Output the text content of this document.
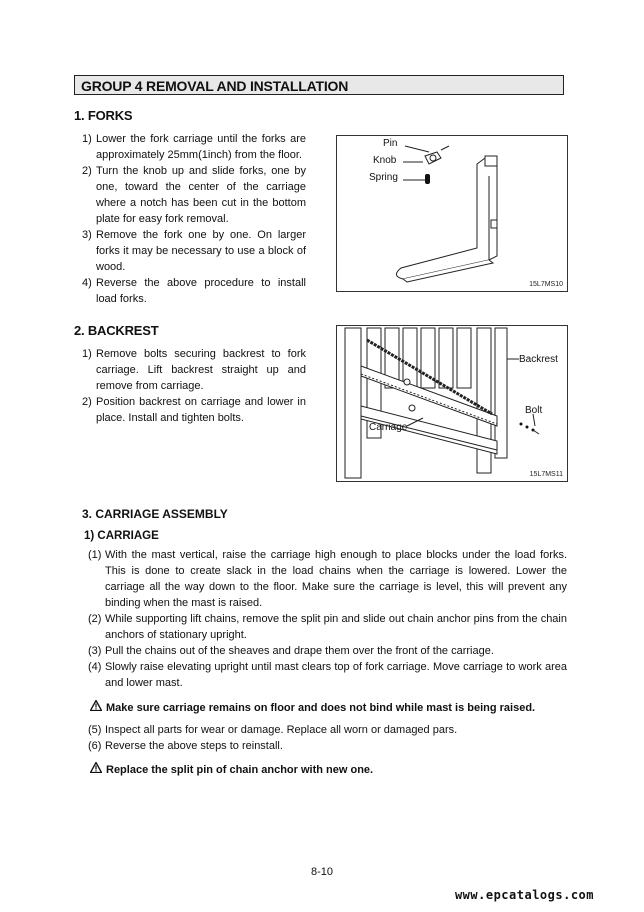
GROUP 4 REMOVAL AND INSTALLATION
1. FORKS
1) Lower the fork carriage until the forks are approximately 25mm(1inch) from the floor.
2) Turn the knob up and slide forks, one by one, toward the center of the carriage where a notch has been cut in the bottom plate for easy fork removal.
3) Remove the fork one by one. On larger forks it may be necessary to use a block of wood.
4) Reverse the above procedure to install load forks.
Pin
Knob
Spring
15L7MS10
2. BACKREST
1) Remove bolts securing backrest to fork carriage. Lift backrest straight up and remove from carriage.
2) Position backrest on carriage and lower in place. Install and tighten bolts.
Backrest
Bolt
Carriage
15L7MS11
3. CARRIAGE ASSEMBLY
1) CARRIAGE
(1) With the mast vertical, raise the carriage high enough to place blocks under the load forks. This is done to create slack in the load chains when the carriage is lowered. Lower the carriage all the way down to the floor. Make sure the carriage is level, this will prevent any binding when the mast is raised.
(2) While supporting lift chains, remove the split pin and slide out chain anchor pins from the chain anchors of stationary upright.
(3) Pull the chains out of the sheaves and drape them over the front of the carriage.
(4) Slowly raise elevating upright until mast clears top of fork carriage. Move carriage to work area and lower mast.
Make sure carriage remains on floor and does not bind while mast is being raised.
(5) Inspect all parts for wear or damage. Replace all worn or damaged pars.
(6) Reverse the above steps to reinstall.
Replace the split pin of chain anchor with new one.
8-10
www.epcatalogs.com
